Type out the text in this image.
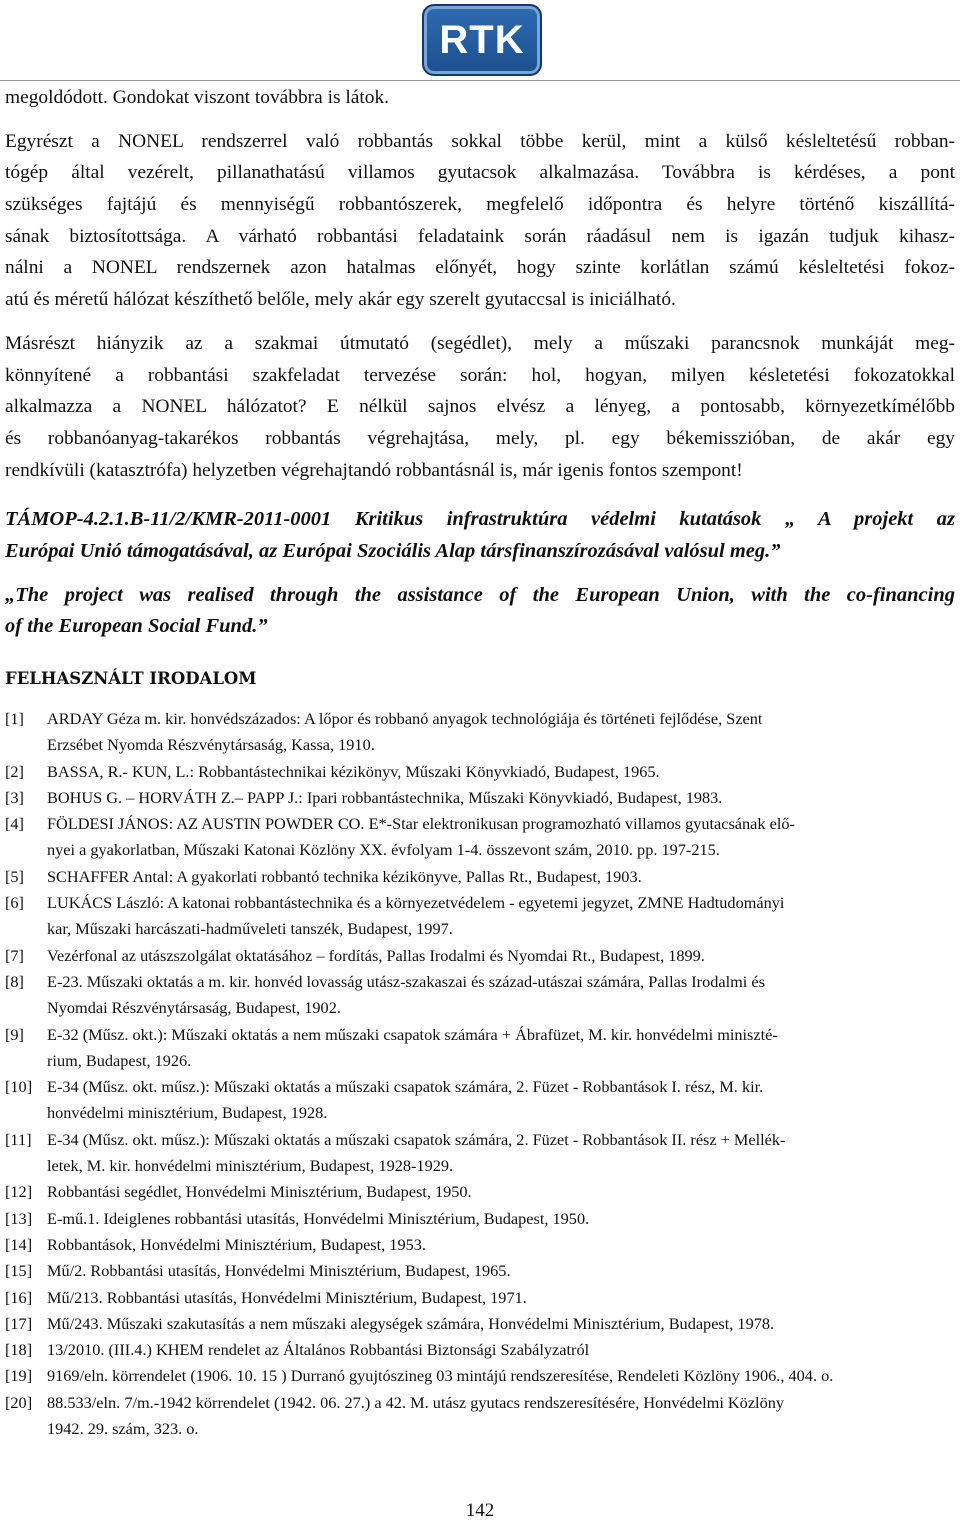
RTK
megoldódott. Gondokat viszont továbbra is látok.
Egyrészt a NONEL rendszerrel való robbantás sokkal többe kerül, mint a külső késleltetésű robban-
tógép által vezérelt, pillanathatású villamos gyutacsok alkalmazása. Továbbra is kérdéses, a pont
szükséges fajtájú és mennyiségű robbantószerek, megfelelő időpontra és helyre történő kiszállítá-
sának biztosítottsága. A várható robbantási feladataink során ráadásul nem is igazán tudjuk kihasz-
nálni a NONEL rendszernek azon hatalmas előnyét, hogy szinte korlátlan számú késleltetési fokoz-
atú és méretű hálózat készíthető belőle, mely akár egy szerelt gyutaccsal is iniciálható.
Másrészt hiányzik az a szakmai útmutató (segédlet), mely a műszaki parancsnok munkáját meg-
könnyítené a robbantási szakfeladat tervezése során: hol, hogyan, milyen késletetési fokozatokkal
alkalmazza a NONEL hálózatot? E nélkül sajnos elvész a lényeg, a pontosabb, környezetkímélőbb
és robbanóanyag-takarékos robbantás végrehajtása, mely, pl. egy békemisszióban, de akár egy
rendkívüli (katasztrófa) helyzetben végrehajtandó robbantásnál is, már igenis fontos szempont!
TÁMOP-4.2.1.B-11/2/KMR-2011-0001 Kritikus infrastruktúra védelmi kutatások „ A projekt az
Európai Unió támogatásával, az Európai Szociális Alap társfinanszírozásával valósul meg.”
„The project was realised through the assistance of the European Union, with the co-financing
of the European Social Fund.”
FELHASZNÁLT IRODALOM
[1]	ARDAY Géza m. kir. honvédszázados: A lőpor és robbanó anyagok technológiája és történeti fejlődése, Szent
Erzsébet Nyomda Részvénytársaság, Kassa, 1910.
[2]	BASSA, R.- KUN, L.: Robbantástechnikai kézikönyv, Műszaki Könyvkiadó, Budapest, 1965.
[3]	BOHUS G. – HORVÁTH Z.– PAPP J.: Ipari robbantástechnika, Műszaki Könyvkiadó, Budapest, 1983.
[4]	FÖLDESI JÁNOS: AZ AUSTIN POWDER CO. E*-Star elektronikusan programozható villamos gyutacsának elő-
nyei a gyakorlatban, Műszaki Katonai Közlöny XX. évfolyam 1-4. összevont szám, 2010. pp. 197-215.
[5]	SCHAFFER Antal: A gyakorlati robbantó technika kézikönyve, Pallas Rt., Budapest, 1903.
[6]	LUKÁCS László: A katonai robbantástechnika és a környezetvédelem - egyetemi jegyzet, ZMNE Hadtudományi
kar, Műszaki harcászati-hadműveleti tanszék, Budapest, 1997.
[7]	Vezérfonal az utászszolgálat oktatásához – fordítás, Pallas Irodalmi és Nyomdai Rt., Budapest, 1899.
[8]	E-23. Műszaki oktatás a m. kir. honvéd lovasság utász-szakaszai és század-utászai számára, Pallas Irodalmi és
Nyomdai Részvénytársaság, Budapest, 1902.
[9]	E-32 (Műsz. okt.): Műszaki oktatás a nem műszaki csapatok számára + Ábrafüzet, M. kir. honvédelmi miniszté-
rium, Budapest, 1926.
[10] E-34 (Műsz. okt. műsz.): Műszaki oktatás a műszaki csapatok számára, 2. Füzet - Robbantások I. rész, M. kir.
honvédelmi minisztérium, Budapest, 1928.
[11] E-34 (Műsz. okt. műsz.): Műszaki oktatás a műszaki csapatok számára, 2. Füzet - Robbantások II. rész + Mellék-
letek, M. kir. honvédelmi minisztérium, Budapest, 1928-1929.
[12] Robbantási segédlet, Honvédelmi Minisztérium, Budapest, 1950.
[13] E-mű.1. Ideiglenes robbantási utasítás, Honvédelmi Minisztérium, Budapest, 1950.
[14] Robbantások, Honvédelmi Minisztérium, Budapest, 1953.
[15] Mű/2. Robbantási utasítás, Honvédelmi Minisztérium, Budapest, 1965.
[16] Mű/213. Robbantási utasítás, Honvédelmi Minisztérium, Budapest, 1971.
[17] Mű/243. Műszaki szakutasítás a nem műszaki alegységek számára, Honvédelmi Minisztérium, Budapest, 1978.
[18] 13/2010. (III.4.) KHEM rendelet az Általános Robbantási Biztonsági Szabályzatról
[19] 9169/eln. körrendelet (1906. 10. 15 ) Durranó gyujtószineg 03 mintájú rendszeresítése, Rendeleti Közlöny 1906., 404. o.
[20] 88.533/eln. 7/m.-1942 körrendelet (1942. 06. 27.) a 42. M. utász gyutacs rendszeresítésére, Honvédelmi Közlöny
1942. 29. szám, 323. o.
142
